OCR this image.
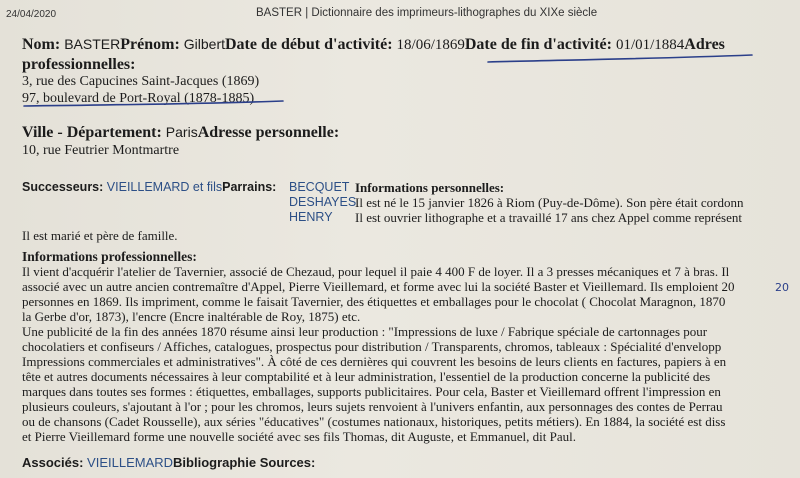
24/04/2020	BASTER | Dictionnaire des imprimeurs-lithographes du XIXe siècle
Nom: BASTERPrénom: GilbertDate de début d'activité: 18/06/1869Date de fin d'activité: 01/01/1884Adres
professionnelles:
3, rue des Capucines Saint-Jacques (1869)
97, boulevard de Port-Royal (1878-1885)
Ville - Département: ParisAdresse personnelle:
10, rue Feutrier Montmartre
Successeurs: VIEILLEMARD et filsParrains: BECQUET
DESHAYES
HENRY
Informations personnelles:
Il est né le 15 janvier 1826 à Riom (Puy-de-Dôme). Son père était cordonn
Il est ouvrier lithographe et a travaillé 17 ans chez Appel comme représent
Il est marié et père de famille.
Informations professionnelles:
Il vient d'acquérir l'atelier de Tavernier, associé de Chezaud, pour lequel il paie 4 400 F de loyer. Il a 3 presses mécaniques et 7 à bras. Il
associé avec un autre ancien contremaître d'Appel, Pierre Vieillemard, et forme avec lui la société Baster et Vieillemard. Ils emploient 20
personnes en 1869. Ils impriment, comme le faisait Tavernier, des étiquettes et emballages pour le chocolat ( Chocolat Maragnon, 1870
la Gerbe d'or, 1873), l'encre (Encre inaltérable de Roy, 1875) etc.
Une publicité de la fin des années 1870 résume ainsi leur production : "Impressions de luxe / Fabrique spéciale de cartonnages pour
chocolatiers et confiseurs / Affiches, catalogues, prospectus pour distribution / Transparents, chromos, tableaux : Spécialité d'envelopp
Impressions commerciales et administratives". À côté de ces dernières qui couvrent les besoins de leurs clients en factures, papiers à en
tête et autres documents nécessaires à leur comptabilité et à leur administration, l'essentiel de la production concerne la publicité des
marques dans toutes ses formes : étiquettes, emballages, supports publicitaires. Pour cela, Baster et Vieillemard offrent l'impression en
plusieurs couleurs, s'ajoutant à l'or ; pour les chromos, leurs sujets renvoient à l'univers enfantin, aux personnages des contes de Perrau
ou de chansons (Cadet Rousselle), aux séries "éducatives" (costumes nationaux, historiques, petits métiers). En 1884, la société est diss
et Pierre Vieillemard forme une nouvelle société avec ses fils Thomas, dit Auguste, et Emmanuel, dit Paul.
Associés: VIEILLEMARDBibliographie Sources:
20
